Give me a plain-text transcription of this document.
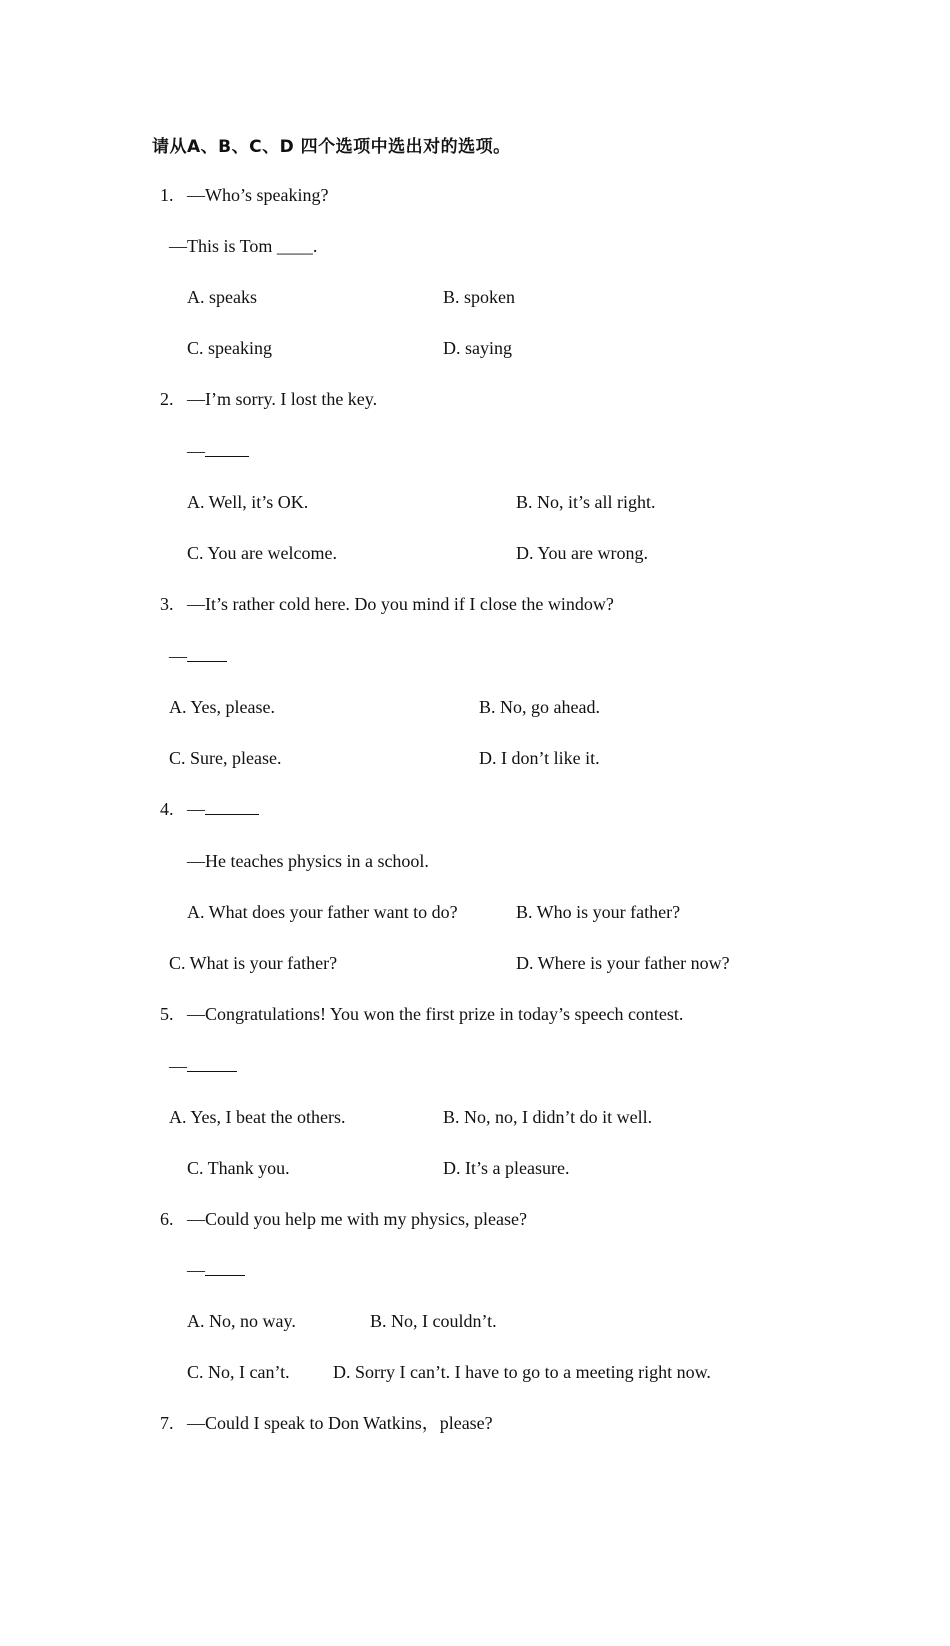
请从A、B、C、D 四个选项中选出对的选项。
1. —Who’s speaking?
—This is Tom ____.
A. speaks	B. spoken
C. speaking	D. saying
2. —I’m sorry. I lost the key.
—
A. Well, it’s OK.	B. No, it’s all right.
C. You are welcome.	D. You are wrong.
3. —It’s rather cold here. Do you mind if I close the window?
—
A. Yes, please.	B. No, go ahead.
C. Sure, please.	D. I don’t like it.
4. —
—He teaches physics in a school.
A. What does your father want to do?	B. Who is your father?
C. What is your father?	D. Where is your father now?
5. —Congratulations! You won the first prize in today’s speech contest.
—
A. Yes, I beat the others.	B. No, no, I didn’t do it well.
C. Thank you.	D. It’s a pleasure.
6. —Could you help me with my physics, please?
—
A. No, no way.	B. No, I couldn’t.
C. No, I can’t. D. Sorry I can’t. I have to go to a meeting right now.
7. —Could I speak to Don Watkins，please?
